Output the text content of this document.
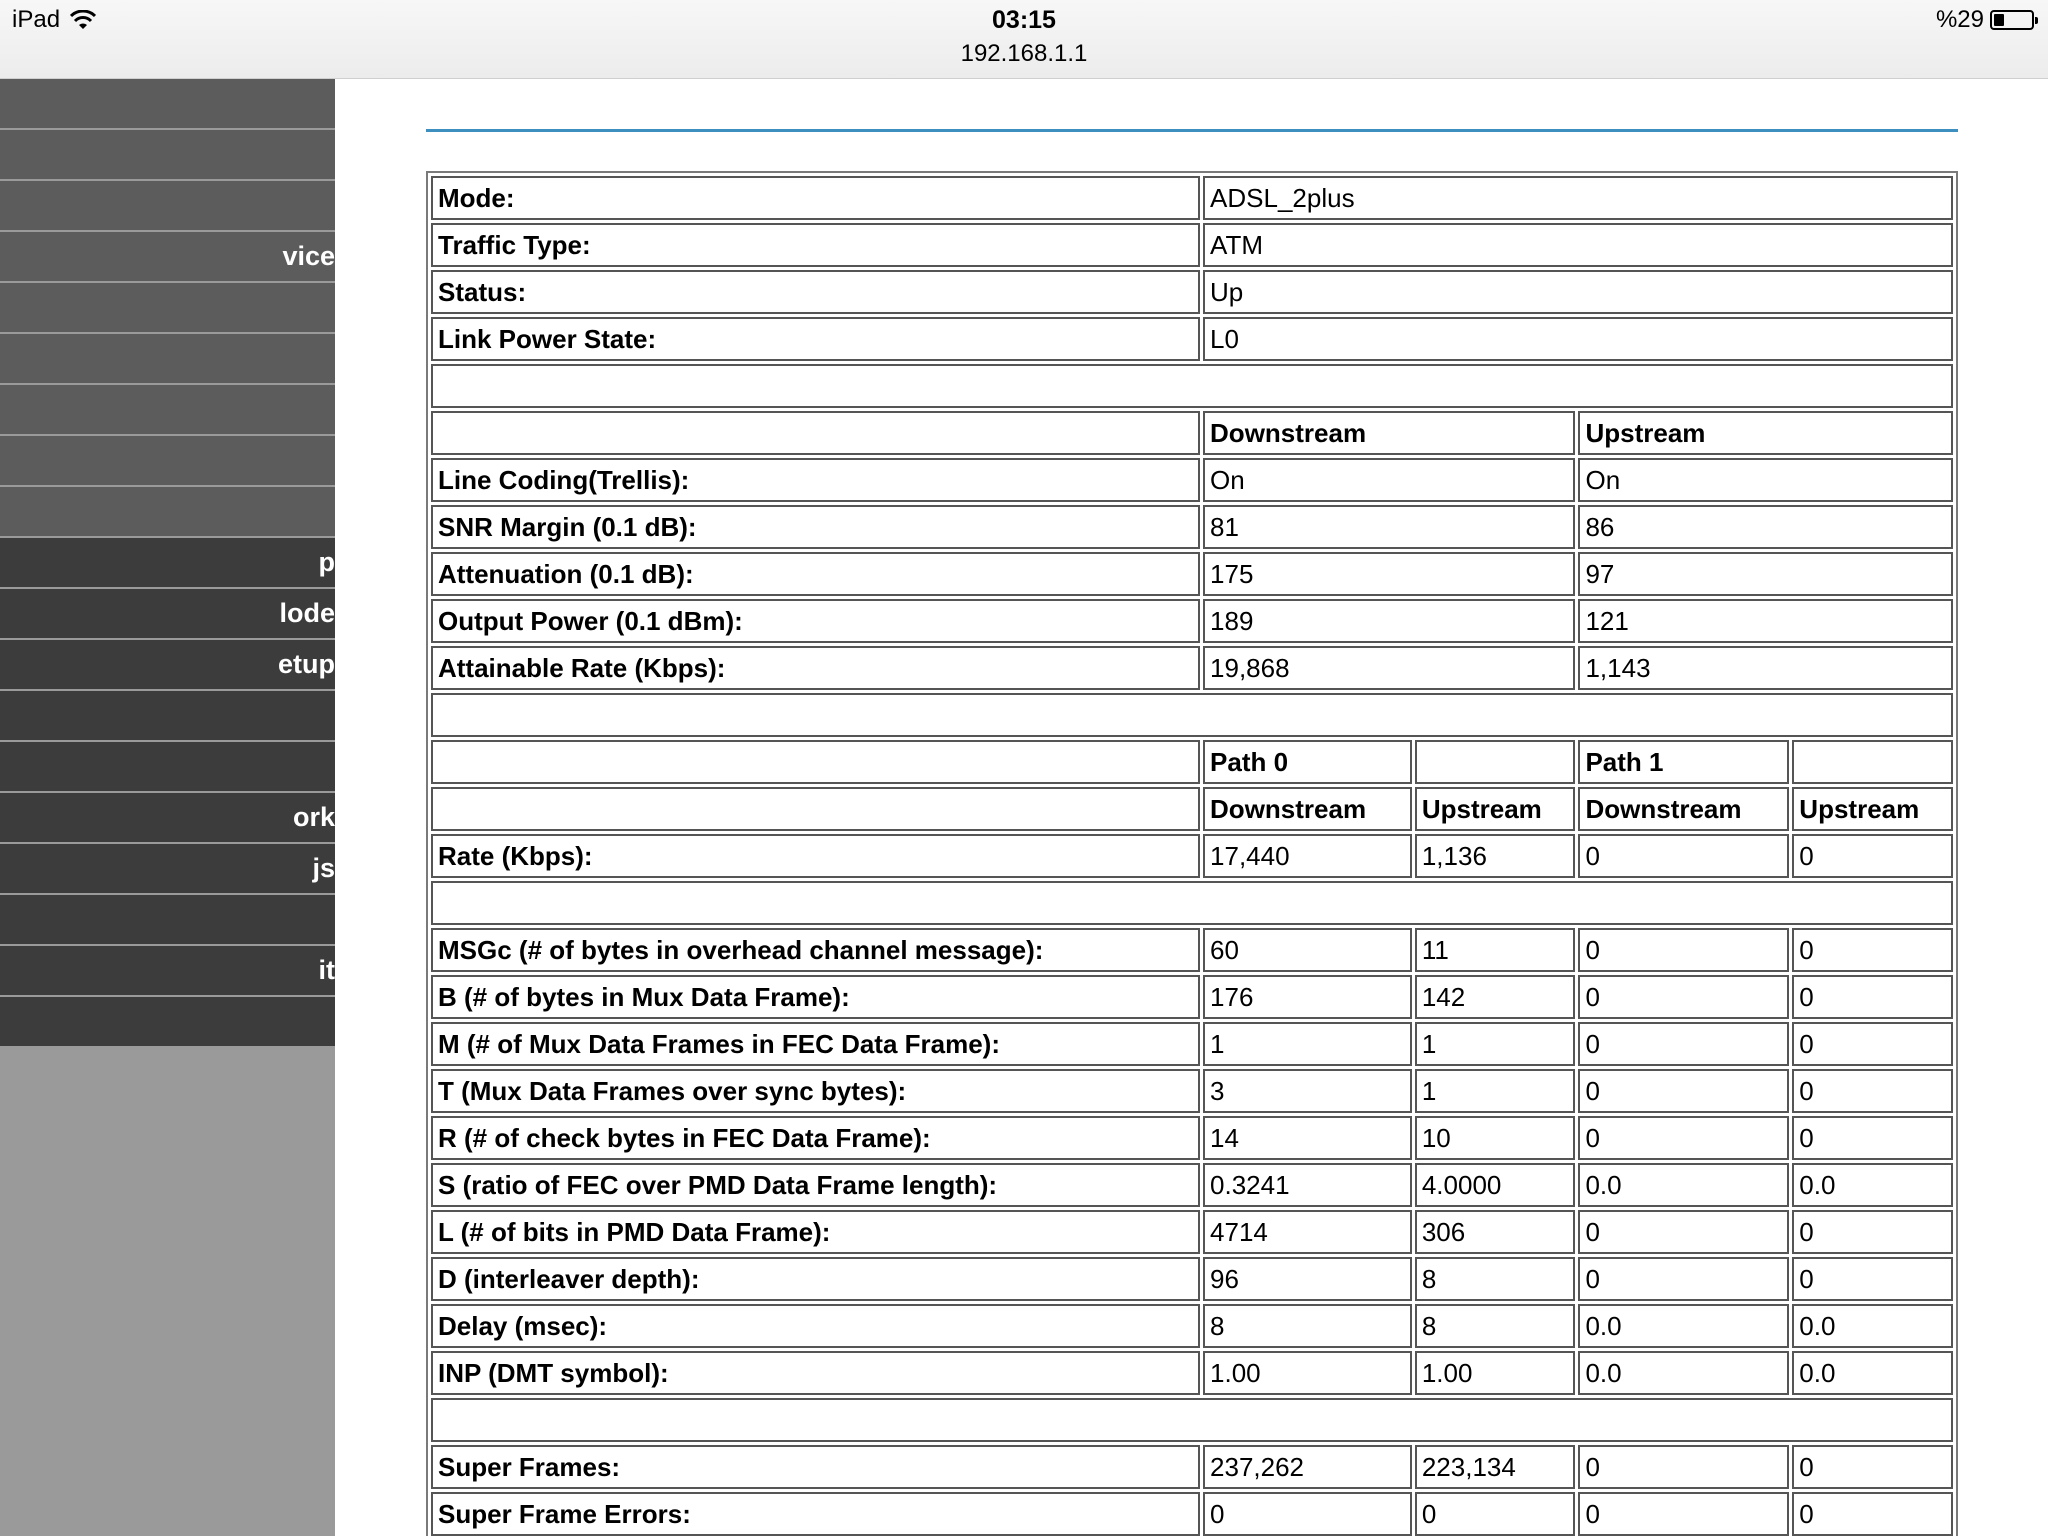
iPad	03:15
192.168.1.1
%29
vice
p
lode
etup
ork
js
it
Mode:	ADSL_2plus			
Traffic Type:	ATM			
Status:	Up			
Link Power State:	L0			

	Downstream		Upstream	
Line Coding(Trellis):	On		On	
SNR Margin (0.1 dB):	81		86	
Attenuation (0.1 dB):	175		97	
Output Power (0.1 dBm):	189		121	
Attainable Rate (Kbps):	19,868		1,143	

	Path 0		Path 1	
	Downstream	Upstream	Downstream	Upstream
Rate (Kbps):	17,440	1,136	0	0

MSGc (# of bytes in overhead channel message):	60	11	0	0
B (# of bytes in Mux Data Frame):	176	142	0	0
M (# of Mux Data Frames in FEC Data Frame):	1	1	0	0
T (Mux Data Frames over sync bytes):	3	1	0	0
R (# of check bytes in FEC Data Frame):	14	10	0	0
S (ratio of FEC over PMD Data Frame length):	0.3241	4.0000	0.0	0.0
L (# of bits in PMD Data Frame):	4714	306	0	0
D (interleaver depth):	96	8	0	0
Delay (msec):	8	8	0.0	0.0
INP (DMT symbol):	1.00	1.00	0.0	0.0

Super Frames:	237,262	223,134	0	0
Super Frame Errors:	0	0	0	0
